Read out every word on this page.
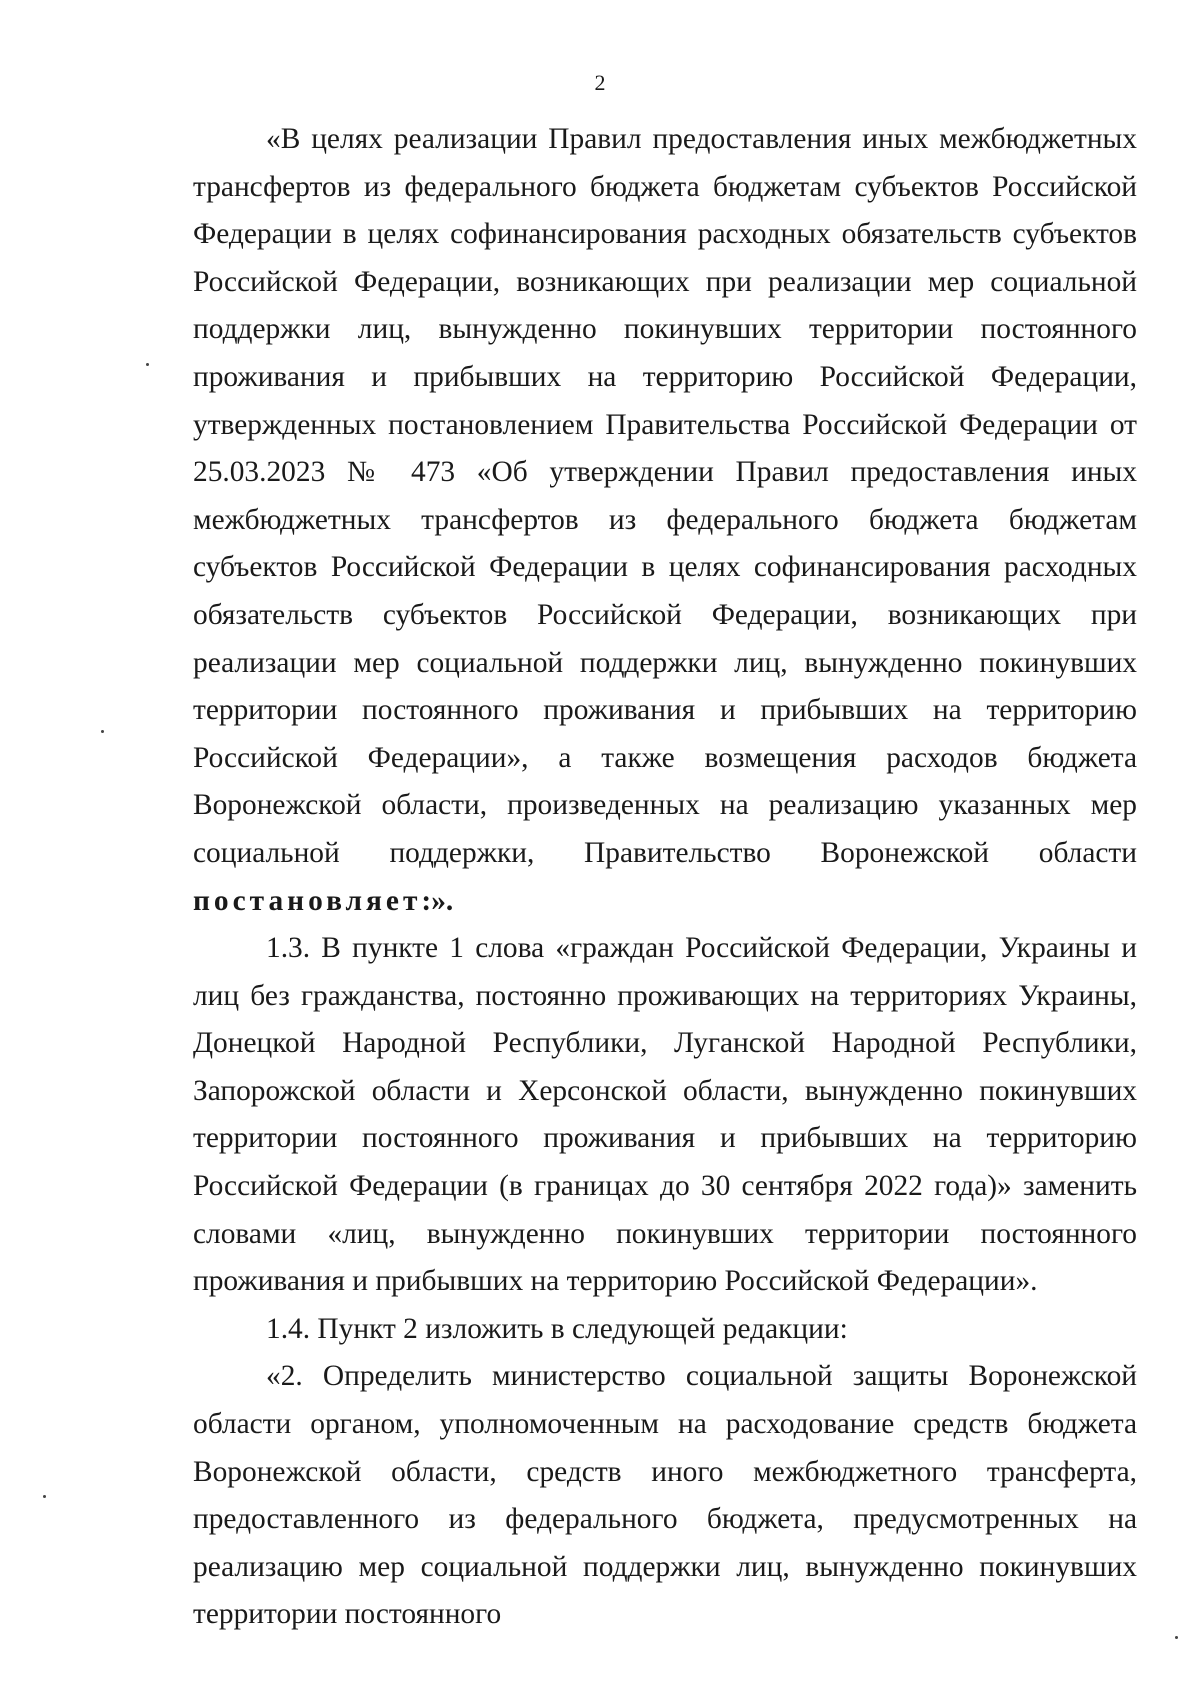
2

«В целях реализации Правил предоставления иных межбюджетных трансфертов из федерального бюджета бюджетам субъектов Российской Федерации в целях софинансирования расходных обязательств субъектов Российской Федерации, возникающих при реализации мер социальной поддержки лиц, вынужденно покинувших территории постоянного проживания и прибывших на территорию Российской Федерации, утвержденных постановлением Правительства Российской Федерации от 25.03.2023 № 473 «Об утверждении Правил предоставления иных межбюджетных трансфертов из федерального бюджета бюджетам субъектов Российской Федерации в целях софинансирования расходных обязательств субъектов Российской Федерации, возникающих при реализации мер социальной поддержки лиц, вынужденно покинувших территории постоянного проживания и прибывших на территорию Российской Федерации», а также возмещения расходов бюджета Воронежской области, произведенных на реализацию указанных мер социальной поддержки, Правительство Воронежской области постановляет:».

1.3. В пункте 1 слова «граждан Российской Федерации, Украины и лиц без гражданства, постоянно проживающих на территориях Украины, Донецкой Народной Республики, Луганской Народной Республики, Запорожской области и Херсонской области, вынужденно покинувших территории постоянного проживания и прибывших на территорию Российской Федерации (в границах до 30 сентября 2022 года)» заменить словами «лиц, вынужденно покинувших территории постоянного проживания и прибывших на территорию Российской Федерации».

1.4. Пункт 2 изложить в следующей редакции:

«2. Определить министерство социальной защиты Воронежской области органом, уполномоченным на расходование средств бюджета Воронежской области, средств иного межбюджетного трансферта, предоставленного из федерального бюджета, предусмотренных на реализацию мер социальной поддержки лиц, вынужденно покинувших территории постоянного
